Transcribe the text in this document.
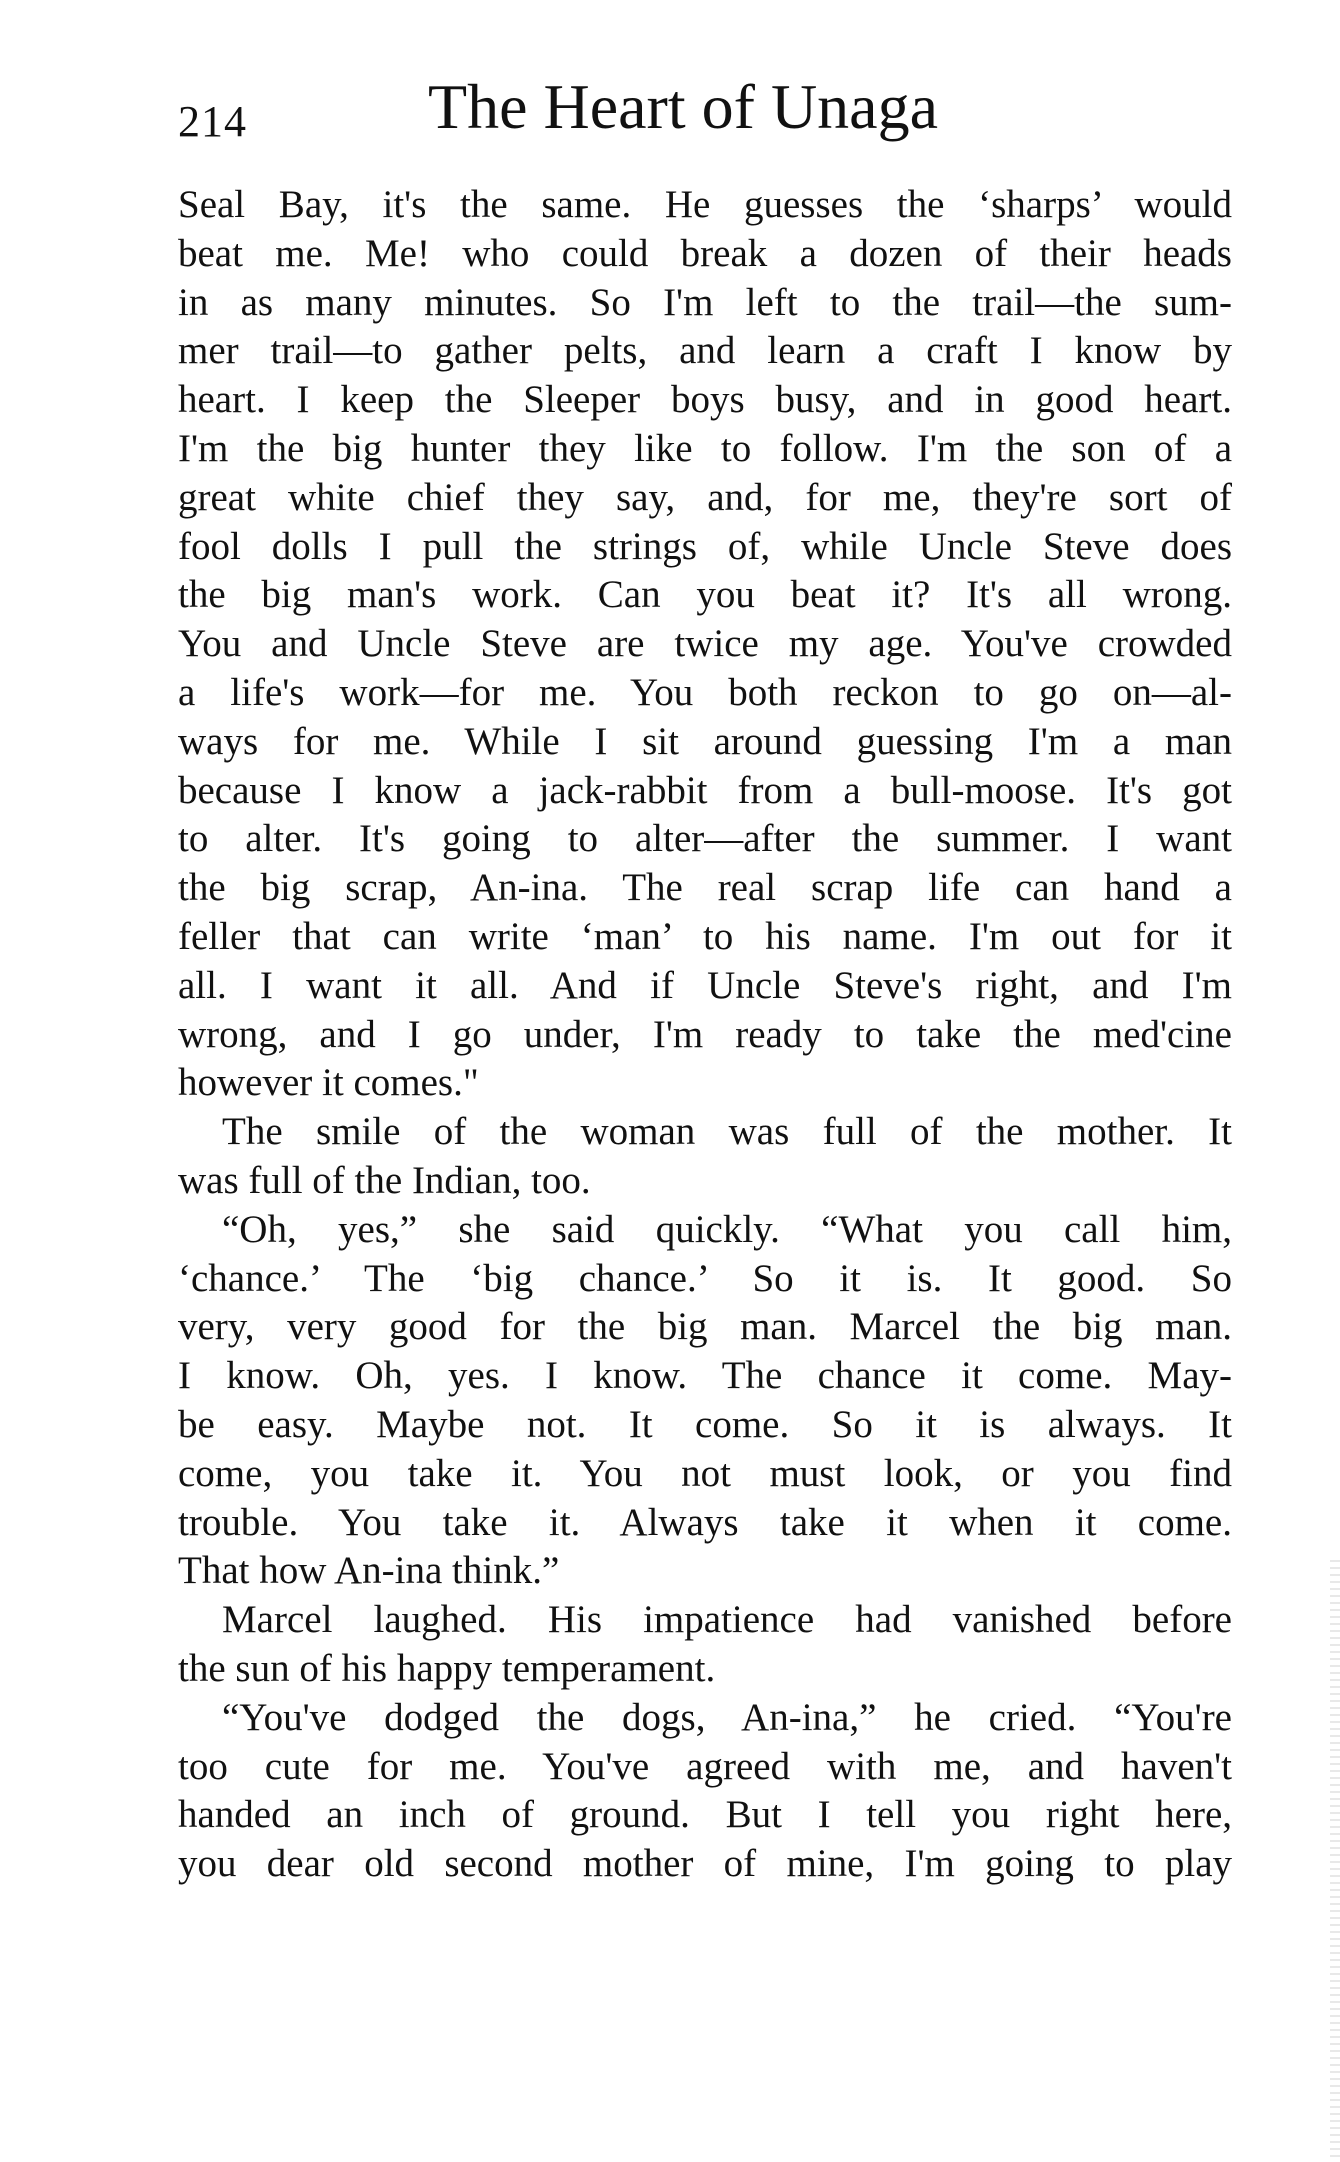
214	The Heart of Unaga
Seal Bay, it's the same. He guesses the ‘sharps’ would
beat me. Me! who could break a dozen of their heads
in as many minutes. So I'm left to the trail—the sum-
mer trail—to gather pelts, and learn a craft I know by
heart. I keep the Sleeper boys busy, and in good heart.
I'm the big hunter they like to follow. I'm the son of a
great white chief they say, and, for me, they're sort of
fool dolls I pull the strings of, while Uncle Steve does
the big man's work. Can you beat it? It's all wrong.
You and Uncle Steve are twice my age. You've crowded
a life's work—for me. You both reckon to go on—al-
ways for me. While I sit around guessing I'm a man
because I know a jack-rabbit from a bull-moose. It's got
to alter. It's going to alter—after the summer. I want
the big scrap, An-ina. The real scrap life can hand a
feller that can write ‘man’ to his name. I'm out for it
all. I want it all. And if Uncle Steve's right, and I'm
wrong, and I go under, I'm ready to take the med'cine
however it comes."
The smile of the woman was full of the mother. It
was full of the Indian, too.
“Oh, yes,” she said quickly. “What you call him,
‘chance.’ The ‘big chance.’ So it is. It good. So
very, very good for the big man. Marcel the big man.
I know. Oh, yes. I know. The chance it come. May-
be easy. Maybe not. It come. So it is always. It
come, you take it. You not must look, or you find
trouble. You take it. Always take it when it come.
That how An-ina think.”
Marcel laughed. His impatience had vanished before
the sun of his happy temperament.
“You've dodged the dogs, An-ina,” he cried. “You're
too cute for me. You've agreed with me, and haven't
handed an inch of ground. But I tell you right here,
you dear old second mother of mine, I'm going to play
